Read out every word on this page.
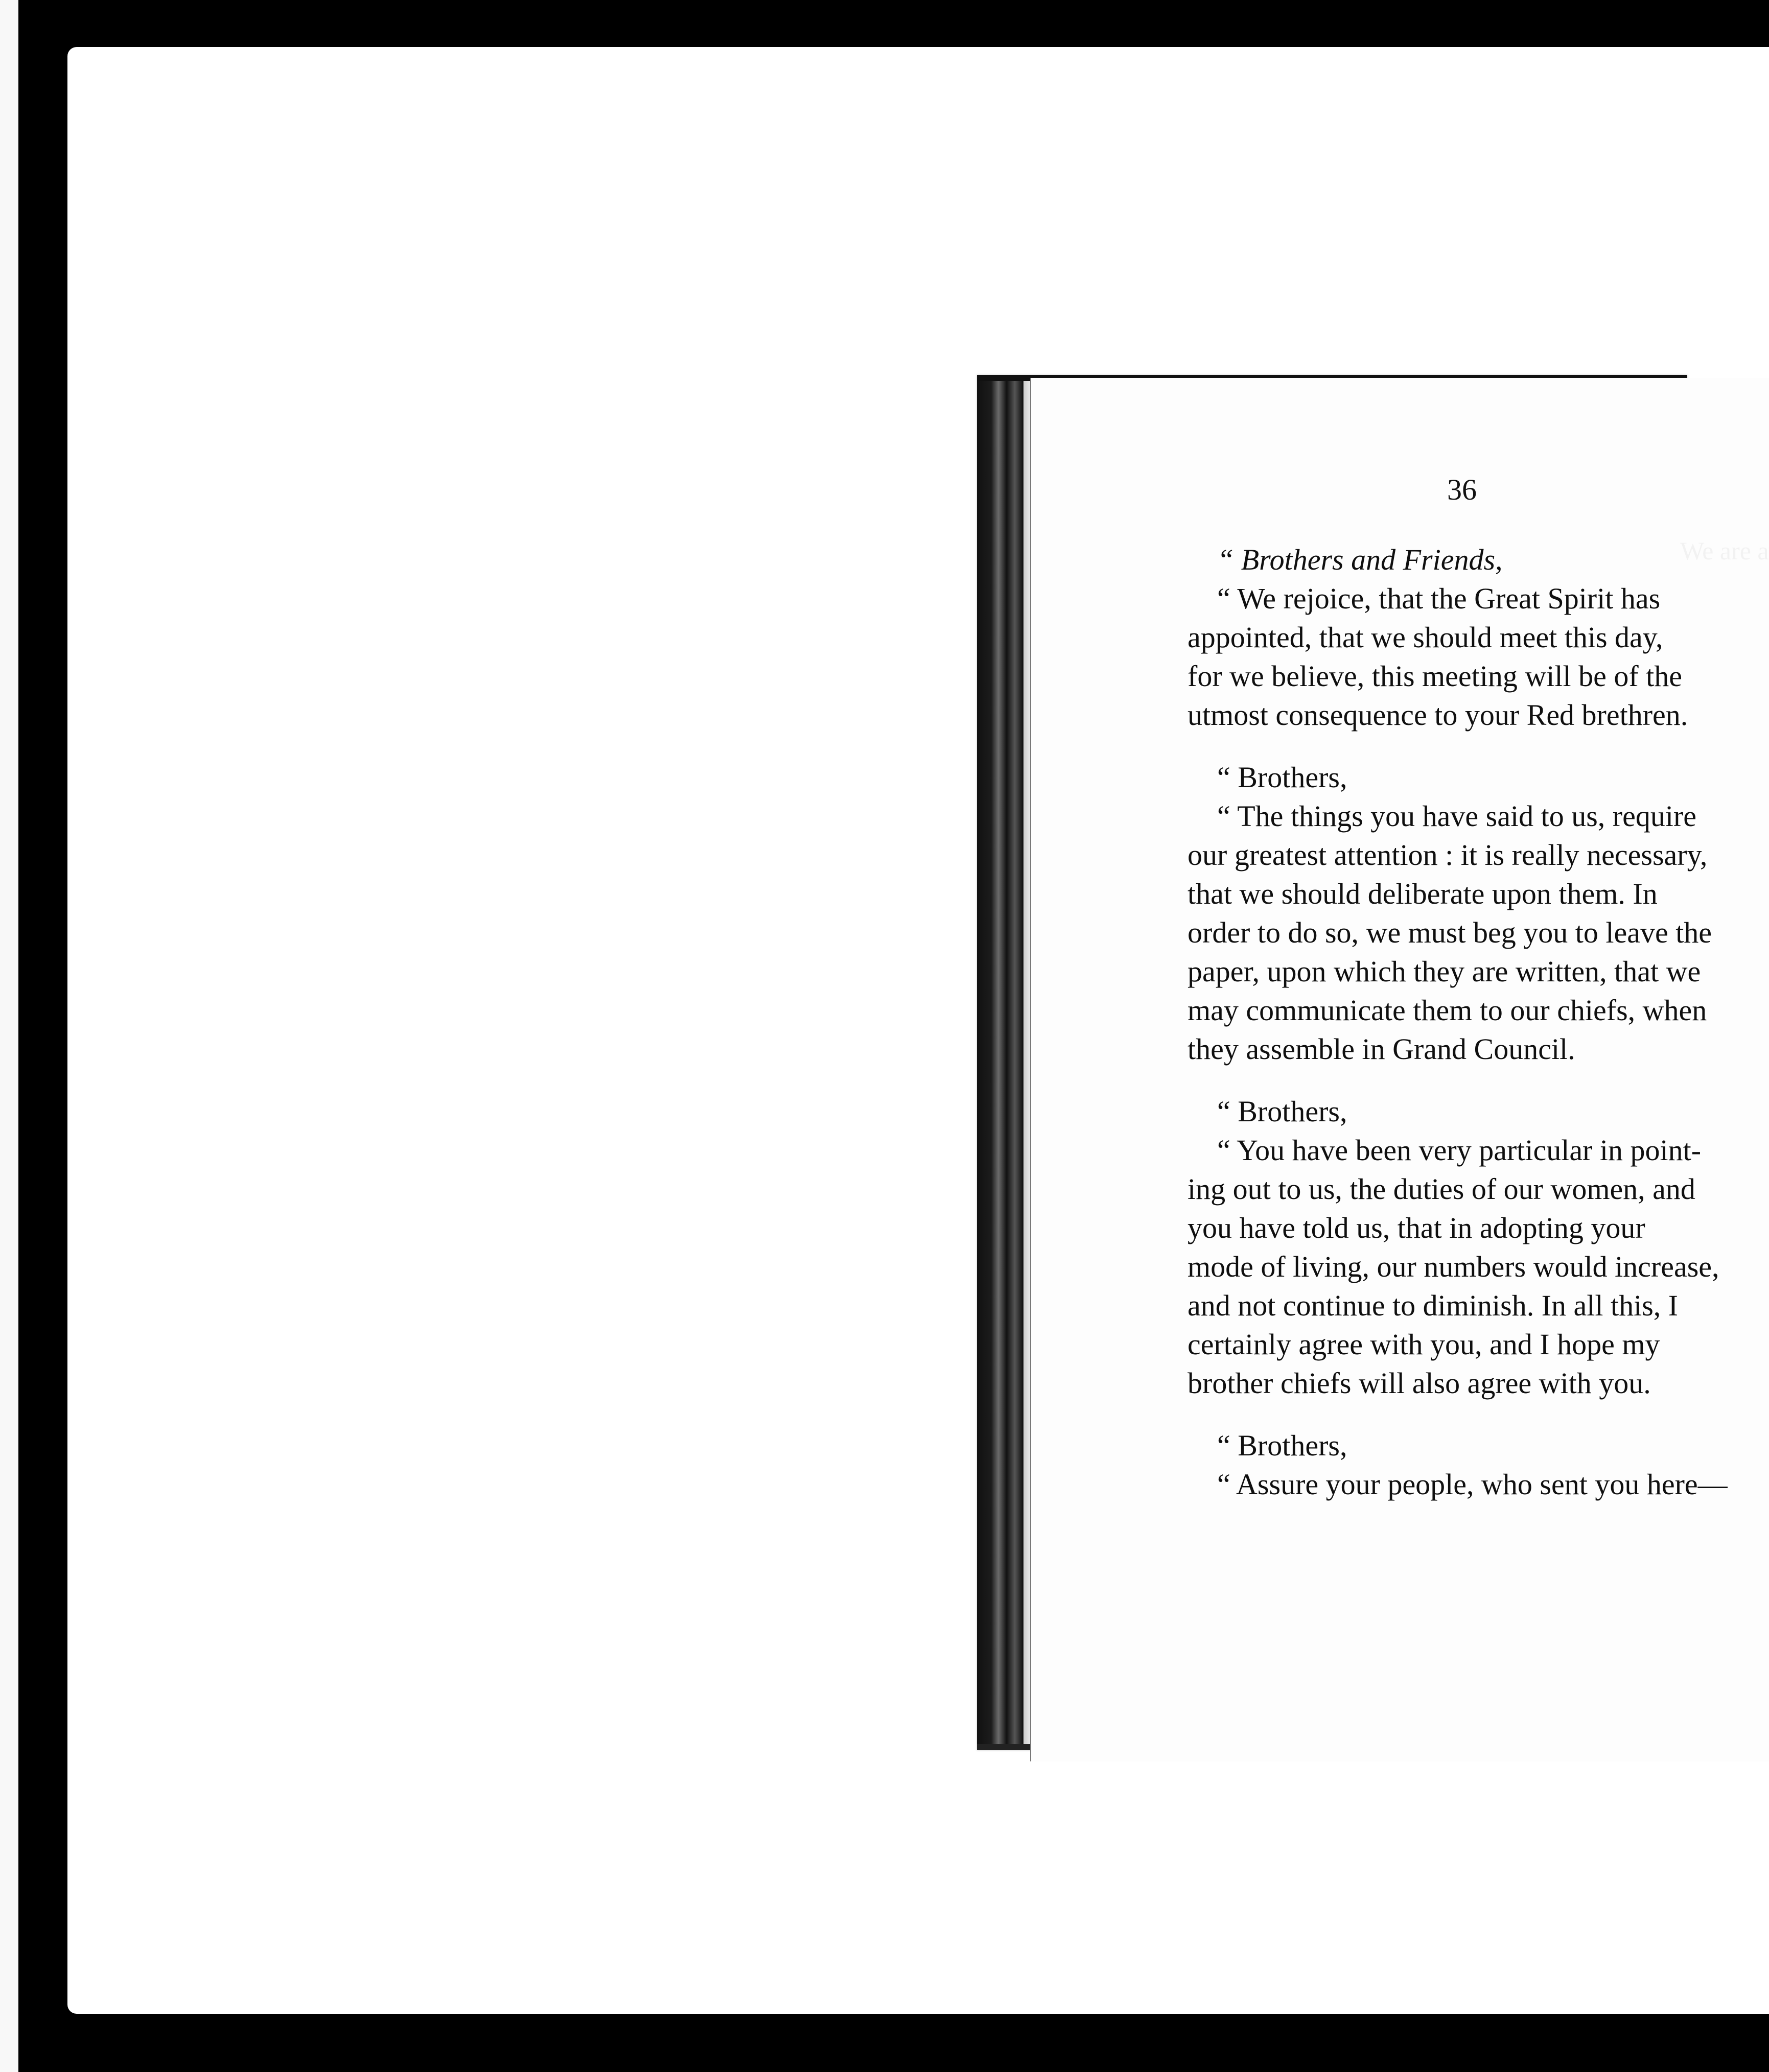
36
“ Brothers and Friends,
“ We rejoice, that the Great Spirit has
appointed, that we should meet this day,
for we believe, this meeting will be of the
utmost consequence to your Red brethren.
“ Brothers,
“ The things you have said to us, require
our greatest attention : it is really necessary,
that we should deliberate upon them. In
order to do so, we must beg you to leave the
paper, upon which they are written, that we
may communicate them to our chiefs, when
they assemble in Grand Council.
“ Brothers,
“ You have been very particular in point-
ing out to us, the duties of our women, and
you have told us, that in adopting your
mode of living, our numbers would increase,
and not continue to diminish. In all this, I
certainly agree with you, and I hope my
brother chiefs will also agree with you.
“ Brothers,
“ Assure your people, who sent you here—
